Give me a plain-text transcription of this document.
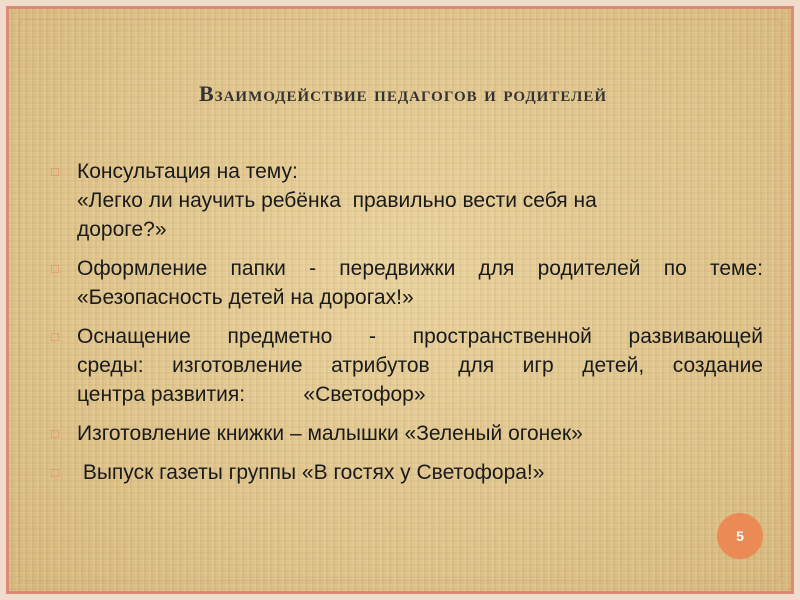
Взаимодействие педагогов и родителей
□ Консультация на тему:
«Легко ли научить ребёнка  правильно вести себя на
дороге?»
□ Оформление папки - передвижки для родителей по теме:
«Безопасность детей на дорогах!»
□ Оснащение предметно - пространственной развивающей
среды: изготовление атрибутов для игр детей, создание
центра развития:          «Светофор»
□ Изготовление книжки – малышки «Зеленый огонек»
□ Выпуск газеты группы «В гостях у Светофора!»
5
